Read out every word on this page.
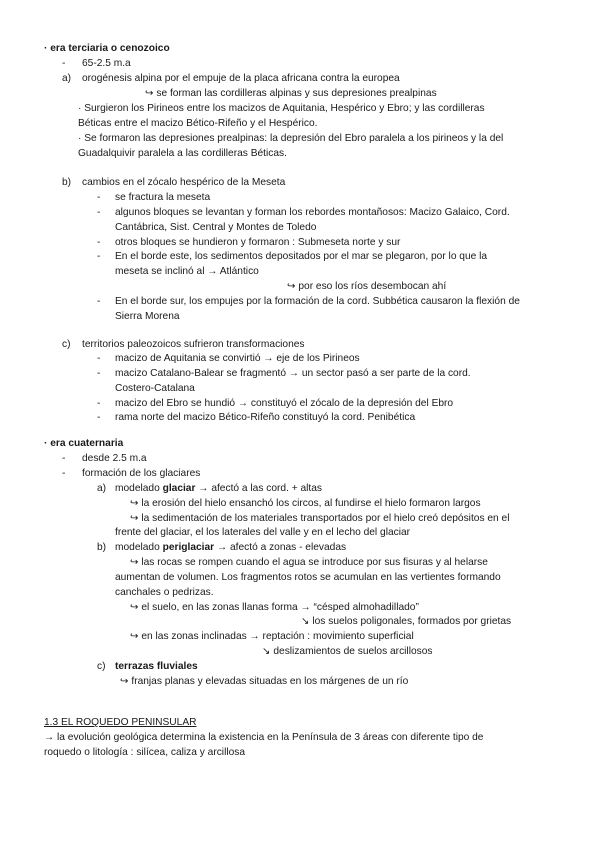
· era terciaria o cenozoico
- 65-2.5 m.a
a) orogénesis alpina por el empuje de la placa africana contra la europea
↪ se forman las cordilleras alpinas y sus depresiones prealpinas
· Surgieron los Pirineos entre los macizos de Aquitania, Hespérico y Ebro; y las cordilleras
Béticas entre el macizo Bético-Rifeño y el Hespérico.
· Se formaron las depresiones prealpinas: la depresión del Ebro paralela a los pirineos y la del
Guadalquivir paralela a las cordilleras Béticas.
b) cambios en el zócalo hespérico de la Meseta
- se fractura la meseta
- algunos bloques se levantan y forman los rebordes montañosos: Macizo Galaico, Cord.
Cantábrica, Sist. Central y Montes de Toledo
- otros bloques se hundieron y formaron : Submeseta norte y sur
- En el borde este, los sedimentos depositados por el mar se plegaron, por lo que la
meseta se inclinó al → Atlántico
↪ por eso los ríos desembocan ahí
- En el borde sur, los empujes por la formación de la cord. Subbética causaron la flexión de
Sierra Morena
c) territorios paleozoicos sufrieron transformaciones
- macizo de Aquitania se convirtió → eje de los Pirineos
- macizo Catalano-Balear se fragmentó → un sector pasó a ser parte de la cord.
Costero-Catalana
- macizo del Ebro se hundió → constituyó el zócalo de la depresión del Ebro
- rama norte del macizo Bético-Rifeño constituyó la cord. Penibética
· era cuaternaria
- desde 2.5 m.a
- formación de los glaciares
a) modelado glaciar → afectó a las cord. + altas
↪ la erosión del hielo ensanchó los circos, al fundirse el hielo formaron largos
↪ la sedimentación de los materiales transportados por el hielo creó depósitos en el
frente del glaciar, el los laterales del valle y en el lecho del glaciar
b) modelado periglaciar → afectó a zonas - elevadas
↪ las rocas se rompen cuando el agua se introduce por sus fisuras y al helarse
aumentan de volumen. Los fragmentos rotos se acumulan en las vertientes formando
canchales o pedrizas.
↪ el suelo, en las zonas llanas forma → “césped almohadillado”
↘ los suelos poligonales, formados por grietas
↪ en las zonas inclinadas → reptación : movimiento superficial
↘ deslizamientos de suelos arcillosos
c) terrazas fluviales
↪ franjas planas y elevadas situadas en los márgenes de un río
1.3 EL ROQUEDO PENINSULAR
→ la evolución geológica determina la existencia en la Península de 3 áreas con diferente tipo de
roquedo o litología : silícea, caliza y arcillosa
